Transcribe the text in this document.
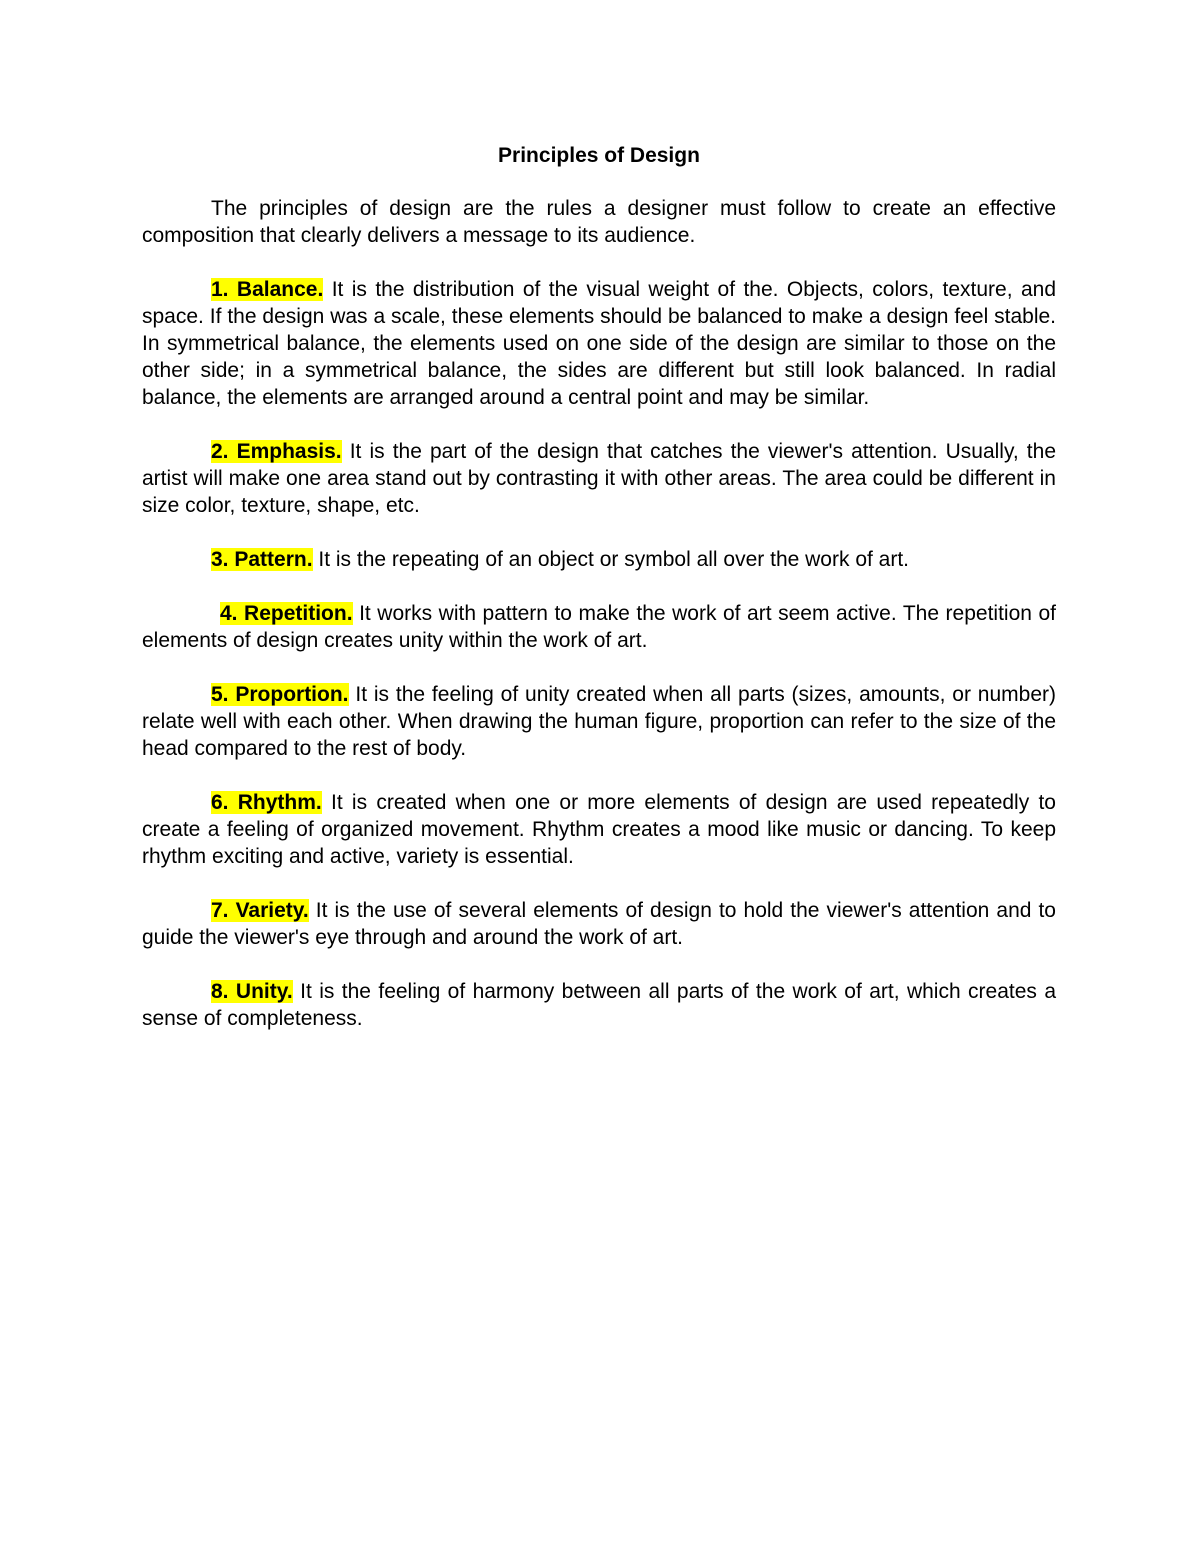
Principles of Design

The principles of design are the rules a designer must follow to create an effective composition that clearly delivers a message to its audience.

1. Balance. It is the distribution of the visual weight of the. Objects, colors, texture, and space. If the design was a scale, these elements should be balanced to make a design feel stable. In symmetrical balance, the elements used on one side of the design are similar to those on the other side; in a symmetrical balance, the sides are different but still look balanced. In radial balance, the elements are arranged around a central point and may be similar.

2. Emphasis. It is the part of the design that catches the viewer's attention. Usually, the artist will make one area stand out by contrasting it with other areas. The area could be different in size color, texture, shape, etc.

3. Pattern. It is the repeating of an object or symbol all over the work of art.

4. Repetition. It works with pattern to make the work of art seem active. The repetition of elements of design creates unity within the work of art.

5. Proportion. It is the feeling of unity created when all parts (sizes, amounts, or number) relate well with each other. When drawing the human figure, proportion can refer to the size of the head compared to the rest of body.

6. Rhythm. It is created when one or more elements of design are used repeatedly to create a feeling of organized movement. Rhythm creates a mood like music or dancing. To keep rhythm exciting and active, variety is essential.

7. Variety. It is the use of several elements of design to hold the viewer's attention and to guide the viewer's eye through and around the work of art.

8. Unity. It is the feeling of harmony between all parts of the work of art, which creates a sense of completeness.
